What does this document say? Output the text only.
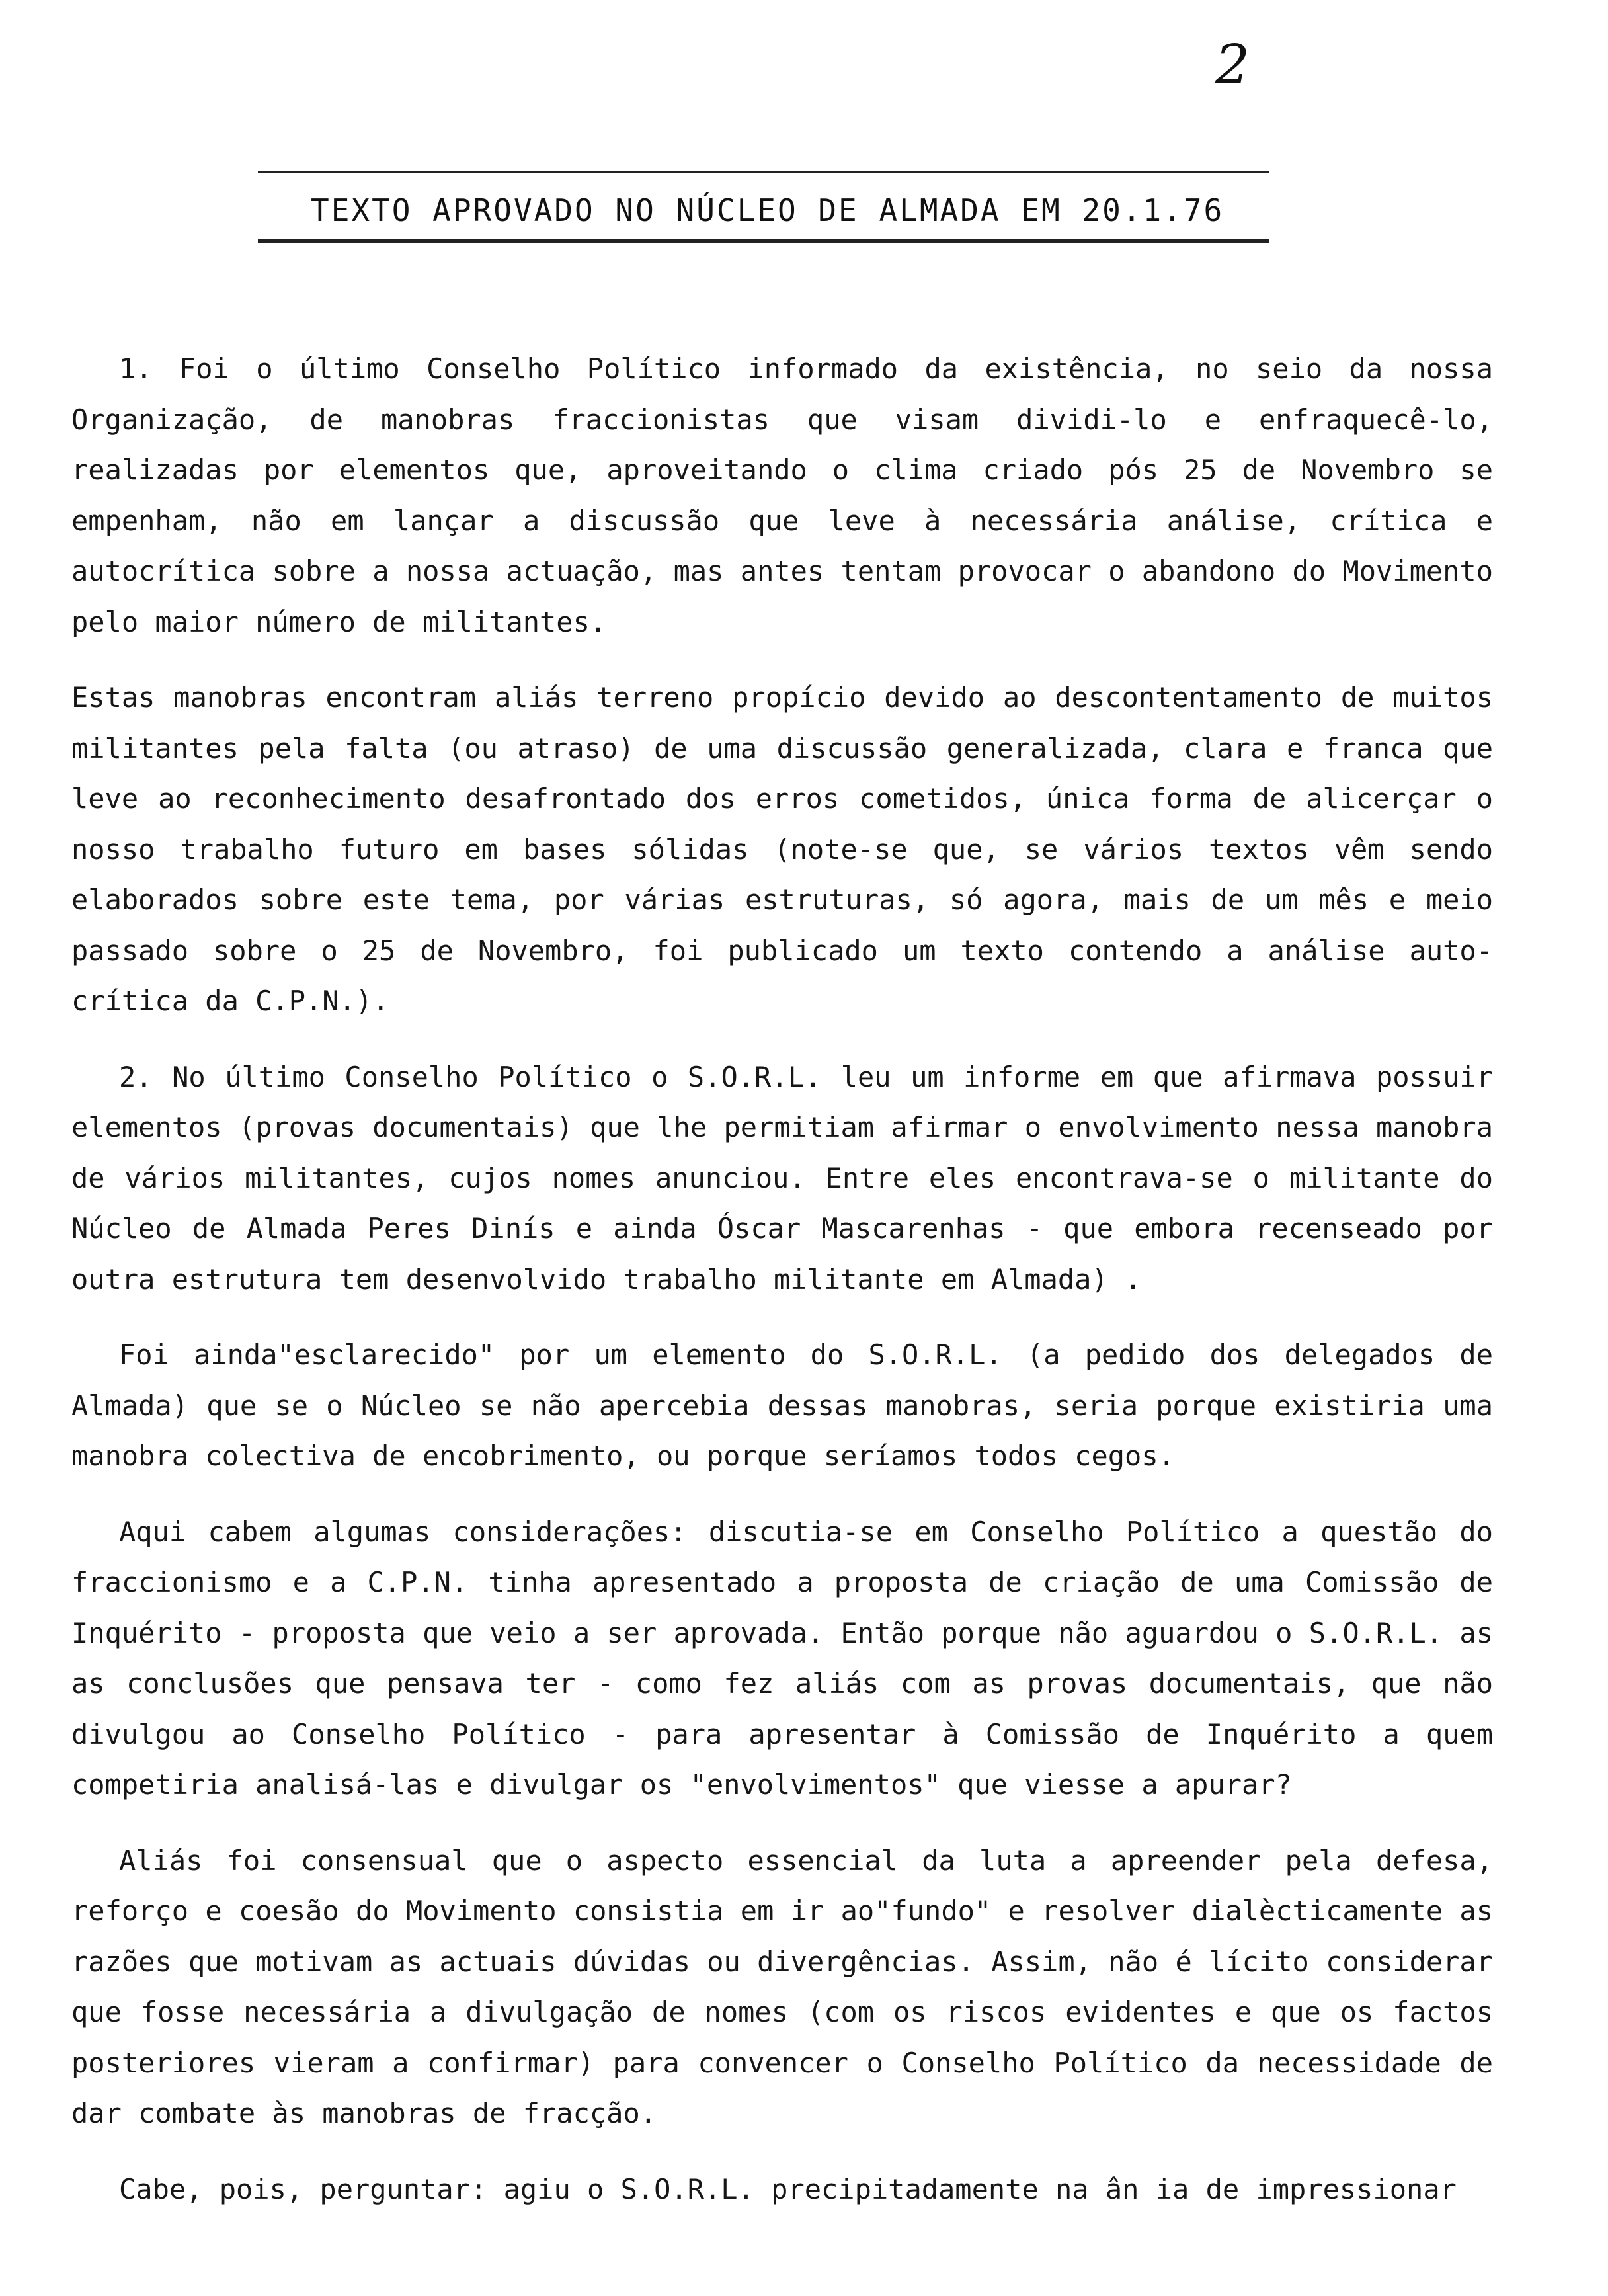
2
TEXTO APROVADO NO NÚCLEO DE ALMADA EM 20.1.76

1. Foi o último Conselho Político informado da existência, no seio da nossa Organização, de manobras fraccionistas que visam dividi-lo e enfraquecê-lo, realizadas por elementos que, aproveitando o clima criado pós 25 de Novembro se empenham, não em lançar a discussão que leve à necessária análise, crítica e autocrítica sobre a nossa actuação, mas antes tentam provocar o abandono do Movimento pelo maior número de militantes.

Estas manobras encontram aliás terreno propício devido ao descontentamento de muitos militantes pela falta (ou atraso) de uma discussão generalizada, clara e franca que leve ao reconhecimento desafrontado dos erros cometidos, única forma de alicerçar o nosso trabalho futuro em bases sólidas (note-se que, se vários textos vêm sendo elaborados sobre este tema, por várias estruturas, só agora, mais de um mês e meio passado sobre o 25 de Novembro, foi publicado um texto contendo a análise auto-crítica da C.P.N.).

2. No último Conselho Político o S.O.R.L. leu um informe em que afirmava possuir elementos (provas documentais) que lhe permitiam afirmar o envolvimento nessa manobra de vários militantes, cujos nomes anunciou. Entre eles encontrava-se o militante do Núcleo de Almada Peres Dinís e ainda Óscar Mascarenhas - que embora recenseado por outra estrutura tem desenvolvido trabalho militante em Almada) .

Foi ainda"esclarecido" por um elemento do S.O.R.L. (a pedido dos delegados de Almada) que se o Núcleo se não apercebia dessas manobras, seria porque existiria uma manobra colectiva de encobrimento, ou porque seríamos todos cegos.

Aqui cabem algumas considerações: discutia-se em Conselho Político a questão do fraccionismo e a C.P.N. tinha apresentado a proposta de criação de uma Comissão de Inquérito - proposta que veio a ser aprovada. Então porque não aguardou o S.O.R.L. as as conclusões que pensava ter - como fez aliás com as provas documentais, que não divulgou ao Conselho Político - para apresentar à Comissão de Inquérito a quem competiria analisá-las e divulgar os "envolvimentos" que viesse a apurar?

Aliás foi consensual que o aspecto essencial da luta a apreender pela defesa, reforço e coesão do Movimento consistia em ir ao"fundo" e resolver dialècticamente as razões que motivam as actuais dúvidas ou divergências. Assim, não é lícito considerar que fosse necessária a divulgação de nomes (com os riscos evidentes e que os factos posteriores vieram a confirmar) para convencer o Conselho Político da necessidade de dar combate às manobras de fracção.

Cabe, pois, perguntar: agiu o S.O.R.L. precipitadamente na ân ia de impressionar
